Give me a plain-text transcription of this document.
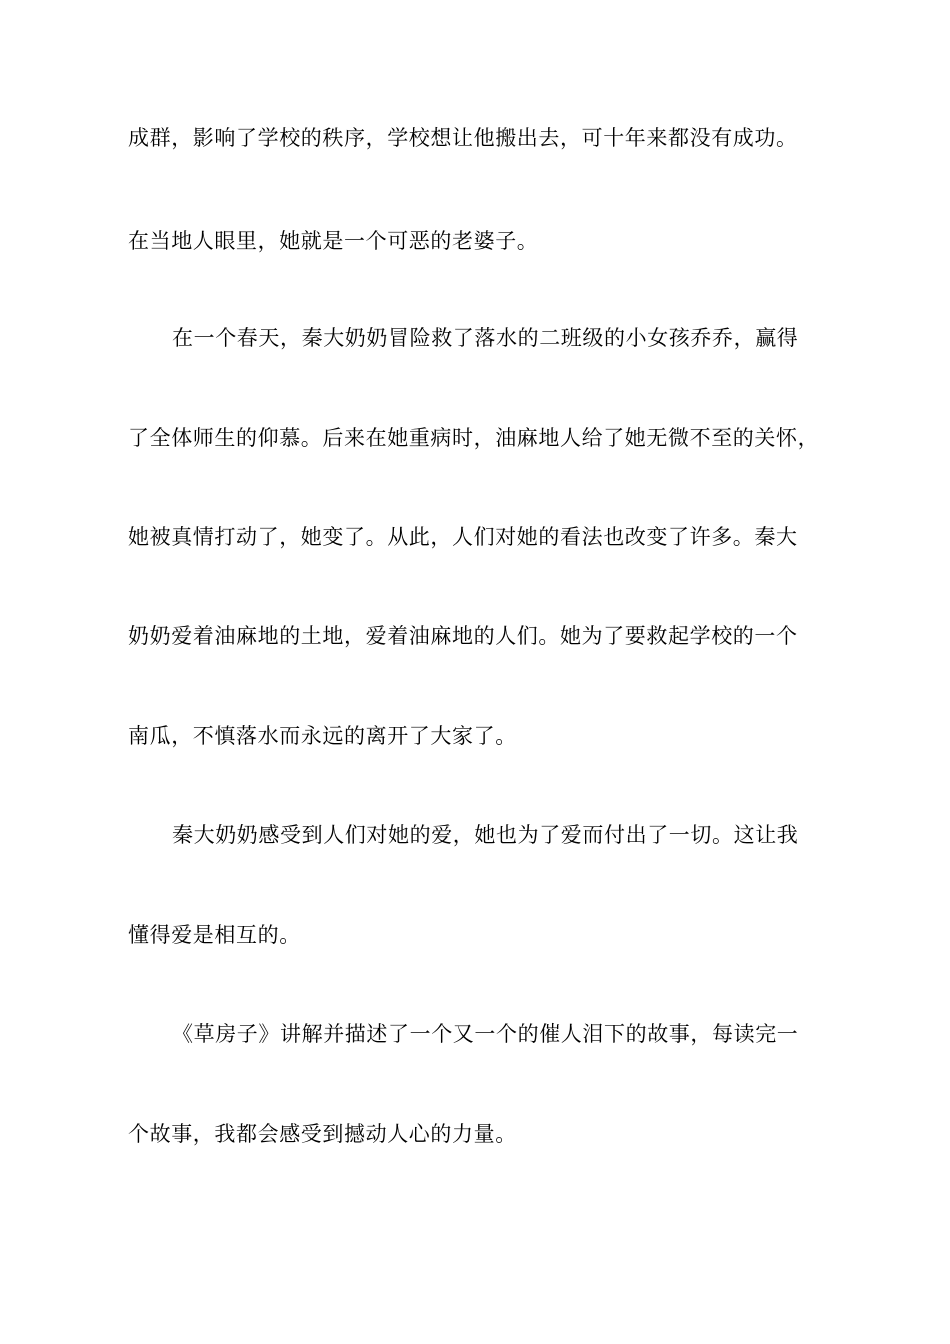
成群，影响了学校的秩序，学校想让他搬出去，可十年来都没有成功。
在当地人眼里，她就是一个可恶的老婆子。
在一个春天，秦大奶奶冒险救了落水的二班级的小女孩乔乔，赢得
了全体师生的仰慕。后来在她重病时，油麻地人给了她无微不至的关怀，
她被真情打动了，她变了。从此，人们对她的看法也改变了许多。秦大
奶奶爱着油麻地的土地，爱着油麻地的人们。她为了要救起学校的一个
南瓜，不慎落水而永远的离开了大家了。
秦大奶奶感受到人们对她的爱，她也为了爱而付出了一切。这让我
懂得爱是相互的。
《草房子》讲解并描述了一个又一个的催人泪下的故事，每读完一
个故事，我都会感受到撼动人心的力量。
